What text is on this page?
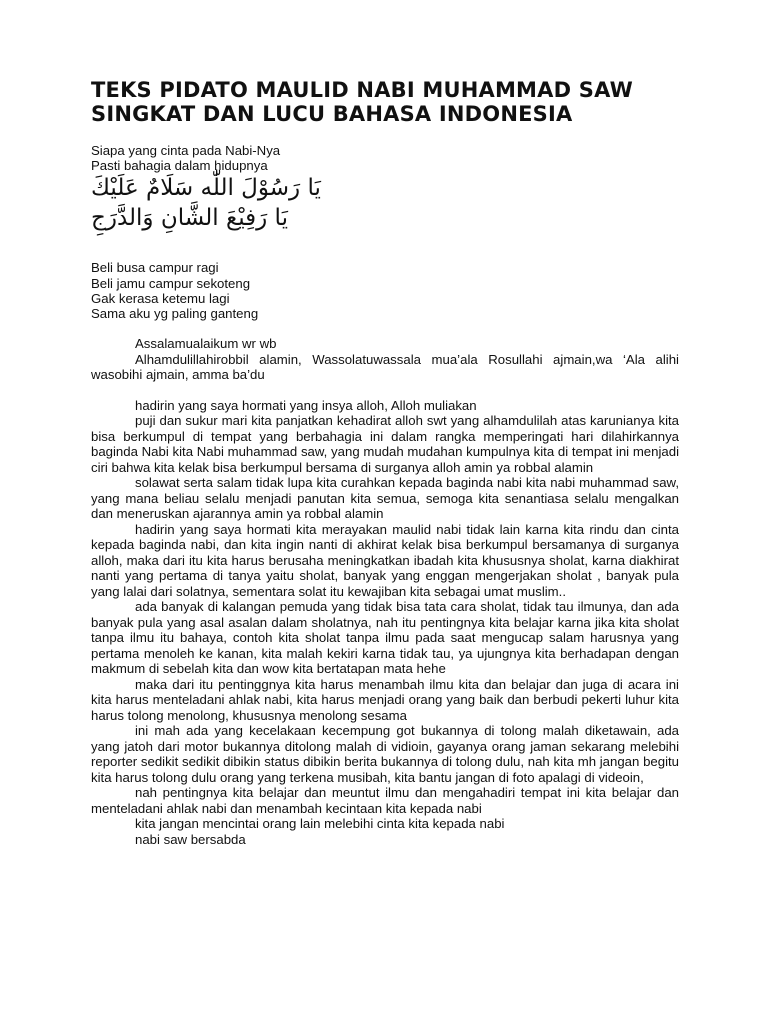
TEKS PIDATO MAULID NABI MUHAMMAD SAW SINGKAT DAN LUCU BAHASA INDONESIA

Siapa yang cinta pada Nabi-Nya

Pasti bahagia dalam hidupnya

يَا رَسُوْلَ اللّٰه سَلَامٌ عَلَيْكَ

يَا رَفِيْعَ الشَّانِ وَالدَّرَجِ

Beli busa campur ragi

Beli jamu campur sekoteng

Gak kerasa ketemu lagi

Sama aku yg paling ganteng

Assalamualaikum wr wb

Alhamdulillahirobbil alamin, Wassolatuwassala mua’ala Rosullahi ajmain,wa ‘Ala alihi wasobihi ajmain, amma ba’du

hadirin yang saya hormati yang insya alloh, Alloh muliakan

puji dan sukur mari kita panjatkan kehadirat alloh swt yang alhamdulilah atas karunianya kita bisa berkumpul di tempat yang berbahagia ini dalam rangka memperingati hari dilahirkannya baginda Nabi kita Nabi muhammad saw, yang mudah mudahan kumpulnya kita di tempat ini menjadi ciri bahwa kita kelak bisa berkumpul bersama di surganya alloh amin ya robbal alamin

solawat serta salam tidak lupa kita curahkan kepada baginda nabi kita nabi muhammad saw, yang mana beliau selalu menjadi panutan kita semua, semoga kita senantiasa selalu mengalkan dan meneruskan ajarannya amin ya robbal alamin

hadirin yang saya hormati kita merayakan maulid nabi tidak lain karna kita rindu dan cinta kepada baginda nabi, dan kita ingin nanti di akhirat kelak bisa berkumpul bersamanya di surganya alloh, maka dari itu kita harus berusaha meningkatkan ibadah kita khususnya sholat, karna diakhirat nanti yang pertama di tanya yaitu sholat, banyak yang enggan mengerjakan sholat , banyak pula yang lalai dari solatnya, sementara solat itu kewajiban kita sebagai umat muslim..

ada banyak di kalangan pemuda yang tidak bisa tata cara sholat, tidak tau ilmunya, dan ada banyak pula yang asal asalan dalam sholatnya, nah itu pentingnya kita belajar karna jika kita sholat tanpa ilmu itu bahaya, contoh kita sholat tanpa ilmu pada saat mengucap salam harusnya yang pertama menoleh ke kanan, kita malah kekiri karna tidak tau, ya ujungnya kita berhadapan dengan makmum di sebelah kita dan wow kita bertatapan mata hehe

maka dari itu pentinggnya kita harus menambah ilmu kita dan belajar dan juga di acara ini kita harus menteladani ahlak nabi, kita harus menjadi orang yang baik dan berbudi pekerti luhur kita harus tolong menolong, khususnya menolong sesama

ini mah ada yang kecelakaan kecempung got bukannya di tolong malah diketawain, ada yang jatoh dari motor bukannya ditolong malah di vidioin, gayanya orang jaman sekarang melebihi reporter sedikit sedikit dibikin status dibikin berita bukannya di tolong dulu, nah kita mh jangan begitu kita harus tolong dulu orang yang terkena musibah, kita bantu jangan di foto apalagi di videoin,

nah pentingnya kita belajar dan meuntut ilmu dan mengahadiri tempat ini kita belajar dan menteladani ahlak nabi dan menambah kecintaan kita kepada nabi

kita jangan mencintai orang lain melebihi cinta kita kepada nabi

nabi saw bersabda
